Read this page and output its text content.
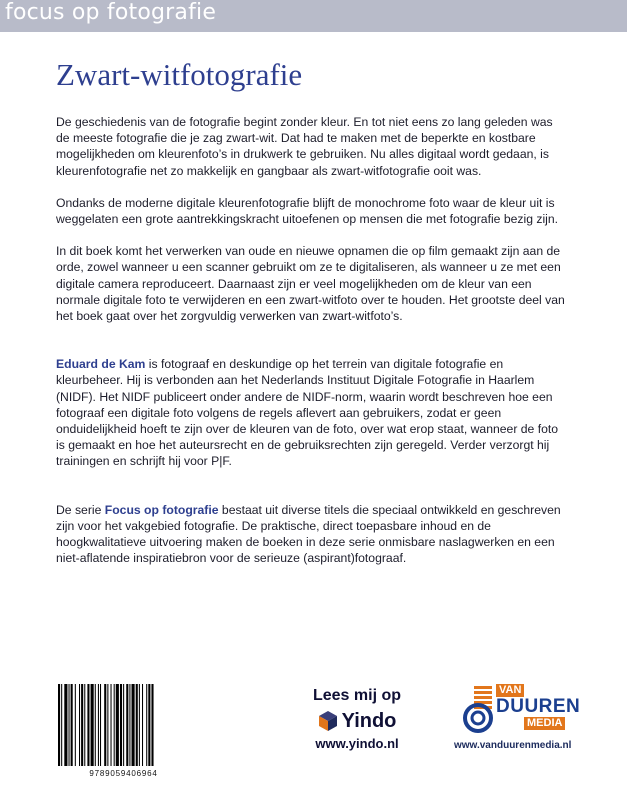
focus op fotografie
Zwart-witfotografie

De geschiedenis van de fotografie begint zonder kleur. En tot niet eens zo lang geleden was
de meeste fotografie die je zag zwart-wit. Dat had te maken met de beperkte en kostbare
mogelijkheden om kleurenfoto’s in drukwerk te gebruiken. Nu alles digitaal wordt gedaan, is
kleurenfotografie net zo makkelijk en gangbaar als zwart-witfotografie ooit was.

Ondanks de moderne digitale kleurenfotografie blijft de monochrome foto waar de kleur uit is
weggelaten een grote aantrekkingskracht uitoefenen op mensen die met fotografie bezig zijn.

In dit boek komt het verwerken van oude en nieuwe opnamen die op film gemaakt zijn aan de
orde, zowel wanneer u een scanner gebruikt om ze te digitaliseren, als wanneer u ze met een
digitale camera reproduceert. Daarnaast zijn er veel mogelijkheden om de kleur van een
normale digitale foto te verwijderen en een zwart-witfoto over te houden. Het grootste deel van
het boek gaat over het zorgvuldig verwerken van zwart-witfoto’s.

Eduard de Kam is fotograaf en deskundige op het terrein van digitale fotografie en
kleurbeheer. Hij is verbonden aan het Nederlands Instituut Digitale Fotografie in Haarlem
(NIDF). Het NIDF publiceert onder andere de NIDF-norm, waarin wordt beschreven hoe een
fotograaf een digitale foto volgens de regels aflevert aan gebruikers, zodat er geen
onduidelijkheid hoeft te zijn over de kleuren van de foto, over wat erop staat, wanneer de foto
is gemaakt en hoe het auteursrecht en de gebruiksrechten zijn geregeld. Verder verzorgt hij
trainingen en schrijft hij voor P|F.

De serie Focus op fotografie bestaat uit diverse titels die speciaal ontwikkeld en geschreven
zijn voor het vakgebied fotografie. De praktische, direct toepasbare inhoud en de
hoogkwalitatieve uitvoering maken de boeken in deze serie onmisbare naslagwerken en een
niet-aflatende inspiratiebron voor de serieuze (aspirant)fotograaf.

9789059406964
Lees mij op
Yindo
www.yindo.nl
VAN
DUUREN
MEDIA
www.vanduurenmedia.nl
